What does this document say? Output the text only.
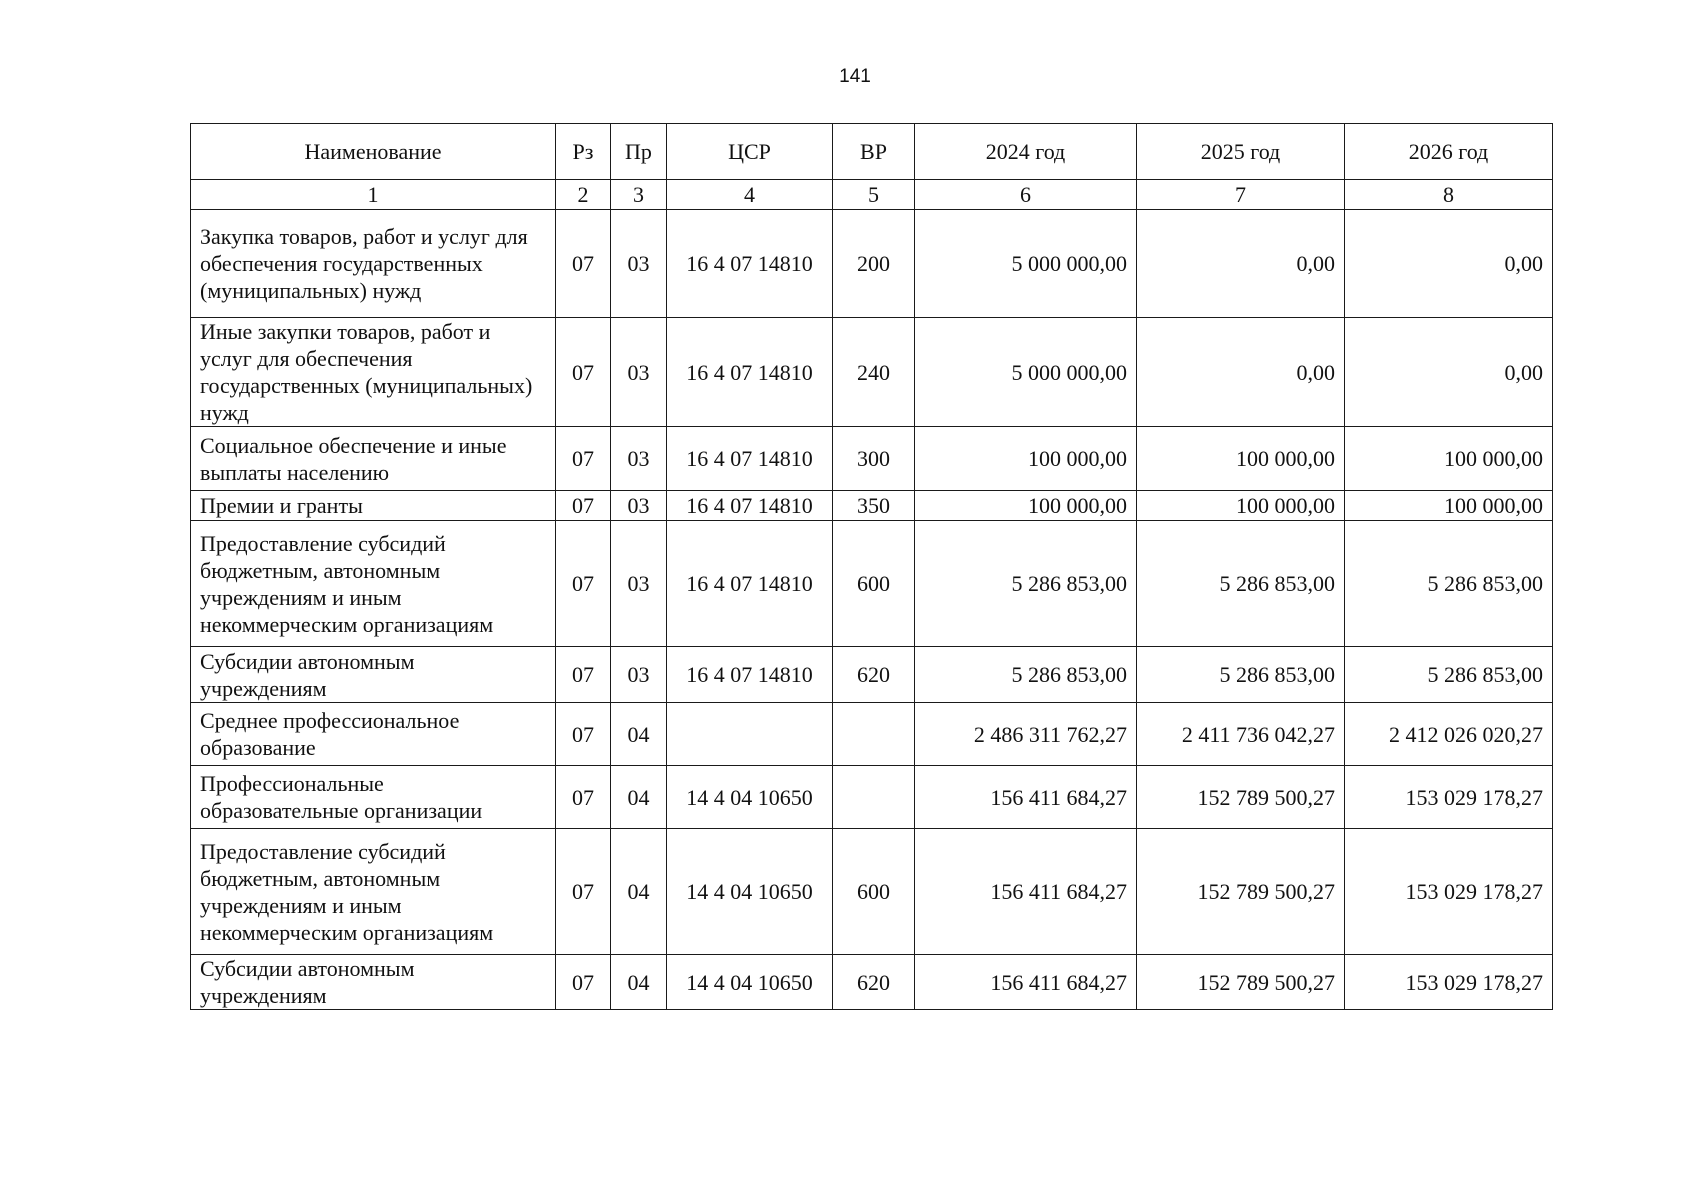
141
Наименование	Рз	Пр	ЦСР	ВР	2024 год	2025 год	2026 год
1	2	3	4	5	6	7	8
Закупка товаров, работ и услуг для обеспечения государственных (муниципальных) нужд	07	03	16 4 07 14810	200	5 000 000,00	0,00	0,00
Иные закупки товаров, работ и услуг для обеспечения государственных (муниципальных) нужд	07	03	16 4 07 14810	240	5 000 000,00	0,00	0,00
Социальное обеспечение и иные выплаты населению	07	03	16 4 07 14810	300	100 000,00	100 000,00	100 000,00
Премии и гранты	07	03	16 4 07 14810	350	100 000,00	100 000,00	100 000,00
Предоставление субсидий бюджетным, автономным учреждениям и иным некоммерческим организациям	07	03	16 4 07 14810	600	5 286 853,00	5 286 853,00	5 286 853,00
Субсидии автономным учреждениям	07	03	16 4 07 14810	620	5 286 853,00	5 286 853,00	5 286 853,00
Среднее профессиональное образование	07	04			2 486 311 762,27	2 411 736 042,27	2 412 026 020,27
Профессиональные образовательные организации	07	04	14 4 04 10650		156 411 684,27	152 789 500,27	153 029 178,27
Предоставление субсидий бюджетным, автономным учреждениям и иным некоммерческим организациям	07	04	14 4 04 10650	600	156 411 684,27	152 789 500,27	153 029 178,27
Субсидии автономным учреждениям	07	04	14 4 04 10650	620	156 411 684,27	152 789 500,27	153 029 178,27
